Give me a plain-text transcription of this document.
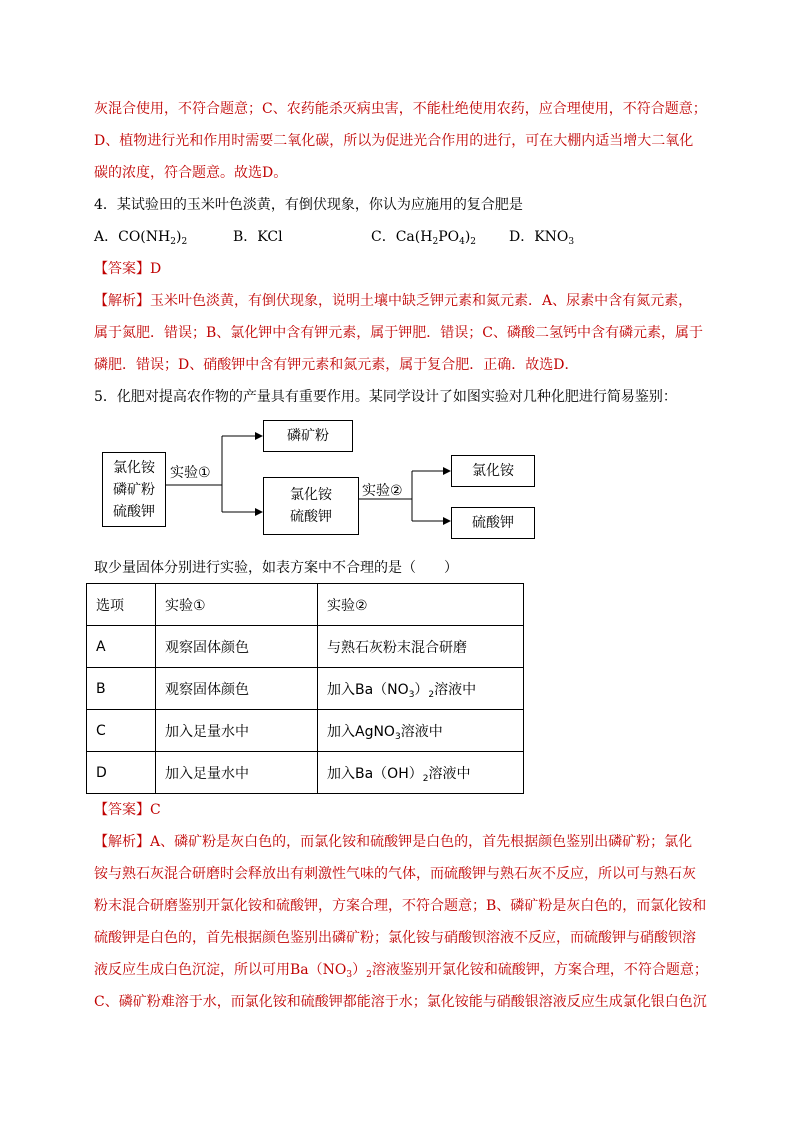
灰混合使用，不符合题意；C、农药能杀灭病虫害，不能杜绝使用农药，应合理使用，不符合题意；
D、植物进行光和作用时需要二氧化碳，所以为促进光合作用的进行，可在大棚内适当增大二氧化
碳的浓度，符合题意。故选D。
4．某试验田的玉米叶色淡黄，有倒伏现象，你认为应施用的复合肥是
A．$CO(NH_2)_2$	B．KCl	C．$Ca(H_2PO_4)_2$ D．$KNO_3$
【答案】D
【解析】玉米叶色淡黄，有倒伏现象，说明土壤中缺乏钾元素和氮元素．A、尿素中含有氮元素，
属于氮肥．错误；B、氯化钾中含有钾元素，属于钾肥．错误；C、磷酸二氢钙中含有磷元素，属于
磷肥．错误；D、硝酸钾中含有钾元素和氮元素，属于复合肥．正确．故选D．
5．化肥对提高农作物的产量具有重要作用。某同学设计了如图实验对几种化肥进行简易鉴别：
氯化铵
磷矿粉
硫酸钾
实验①
磷矿粉
氯化铵
硫酸钾
实验②
氯化铵
硫酸钾
取少量固体分别进行实验，如表方案中不合理的是（　　）
选项	实验①	实验②
A	观察固体颜色	与熟石灰粉末混合研磨
B	观察固体颜色	加入$Ba(NO_3)_2$溶液中
C	加入足量水中	加入AgNO$_3$溶液中
D	加入足量水中	加入$Ba(OH)_2$溶液中
【答案】C
【解析】A、磷矿粉是灰白色的，而氯化铵和硫酸钾是白色的，首先根据颜色鉴别出磷矿粉；氯化
铵与熟石灰混合研磨时会释放出有刺激性气味的气体，而硫酸钾与熟石灰不反应，所以可与熟石灰
粉末混合研磨鉴别开氯化铵和硫酸钾，方案合理，不符合题意；B、磷矿粉是灰白色的，而氯化铵和
硫酸钾是白色的，首先根据颜色鉴别出磷矿粉；氯化铵与硝酸钡溶液不反应，而硫酸钾与硝酸钡溶
液反应生成白色沉淀，所以可用$Ba(NO_3)_2$溶液鉴别开氯化铵和硫酸钾，方案合理，不符合题意；
C、磷矿粉难溶于水，而氯化铵和硫酸钾都能溶于水；氯化铵能与硝酸银溶液反应生成氯化银白色沉
